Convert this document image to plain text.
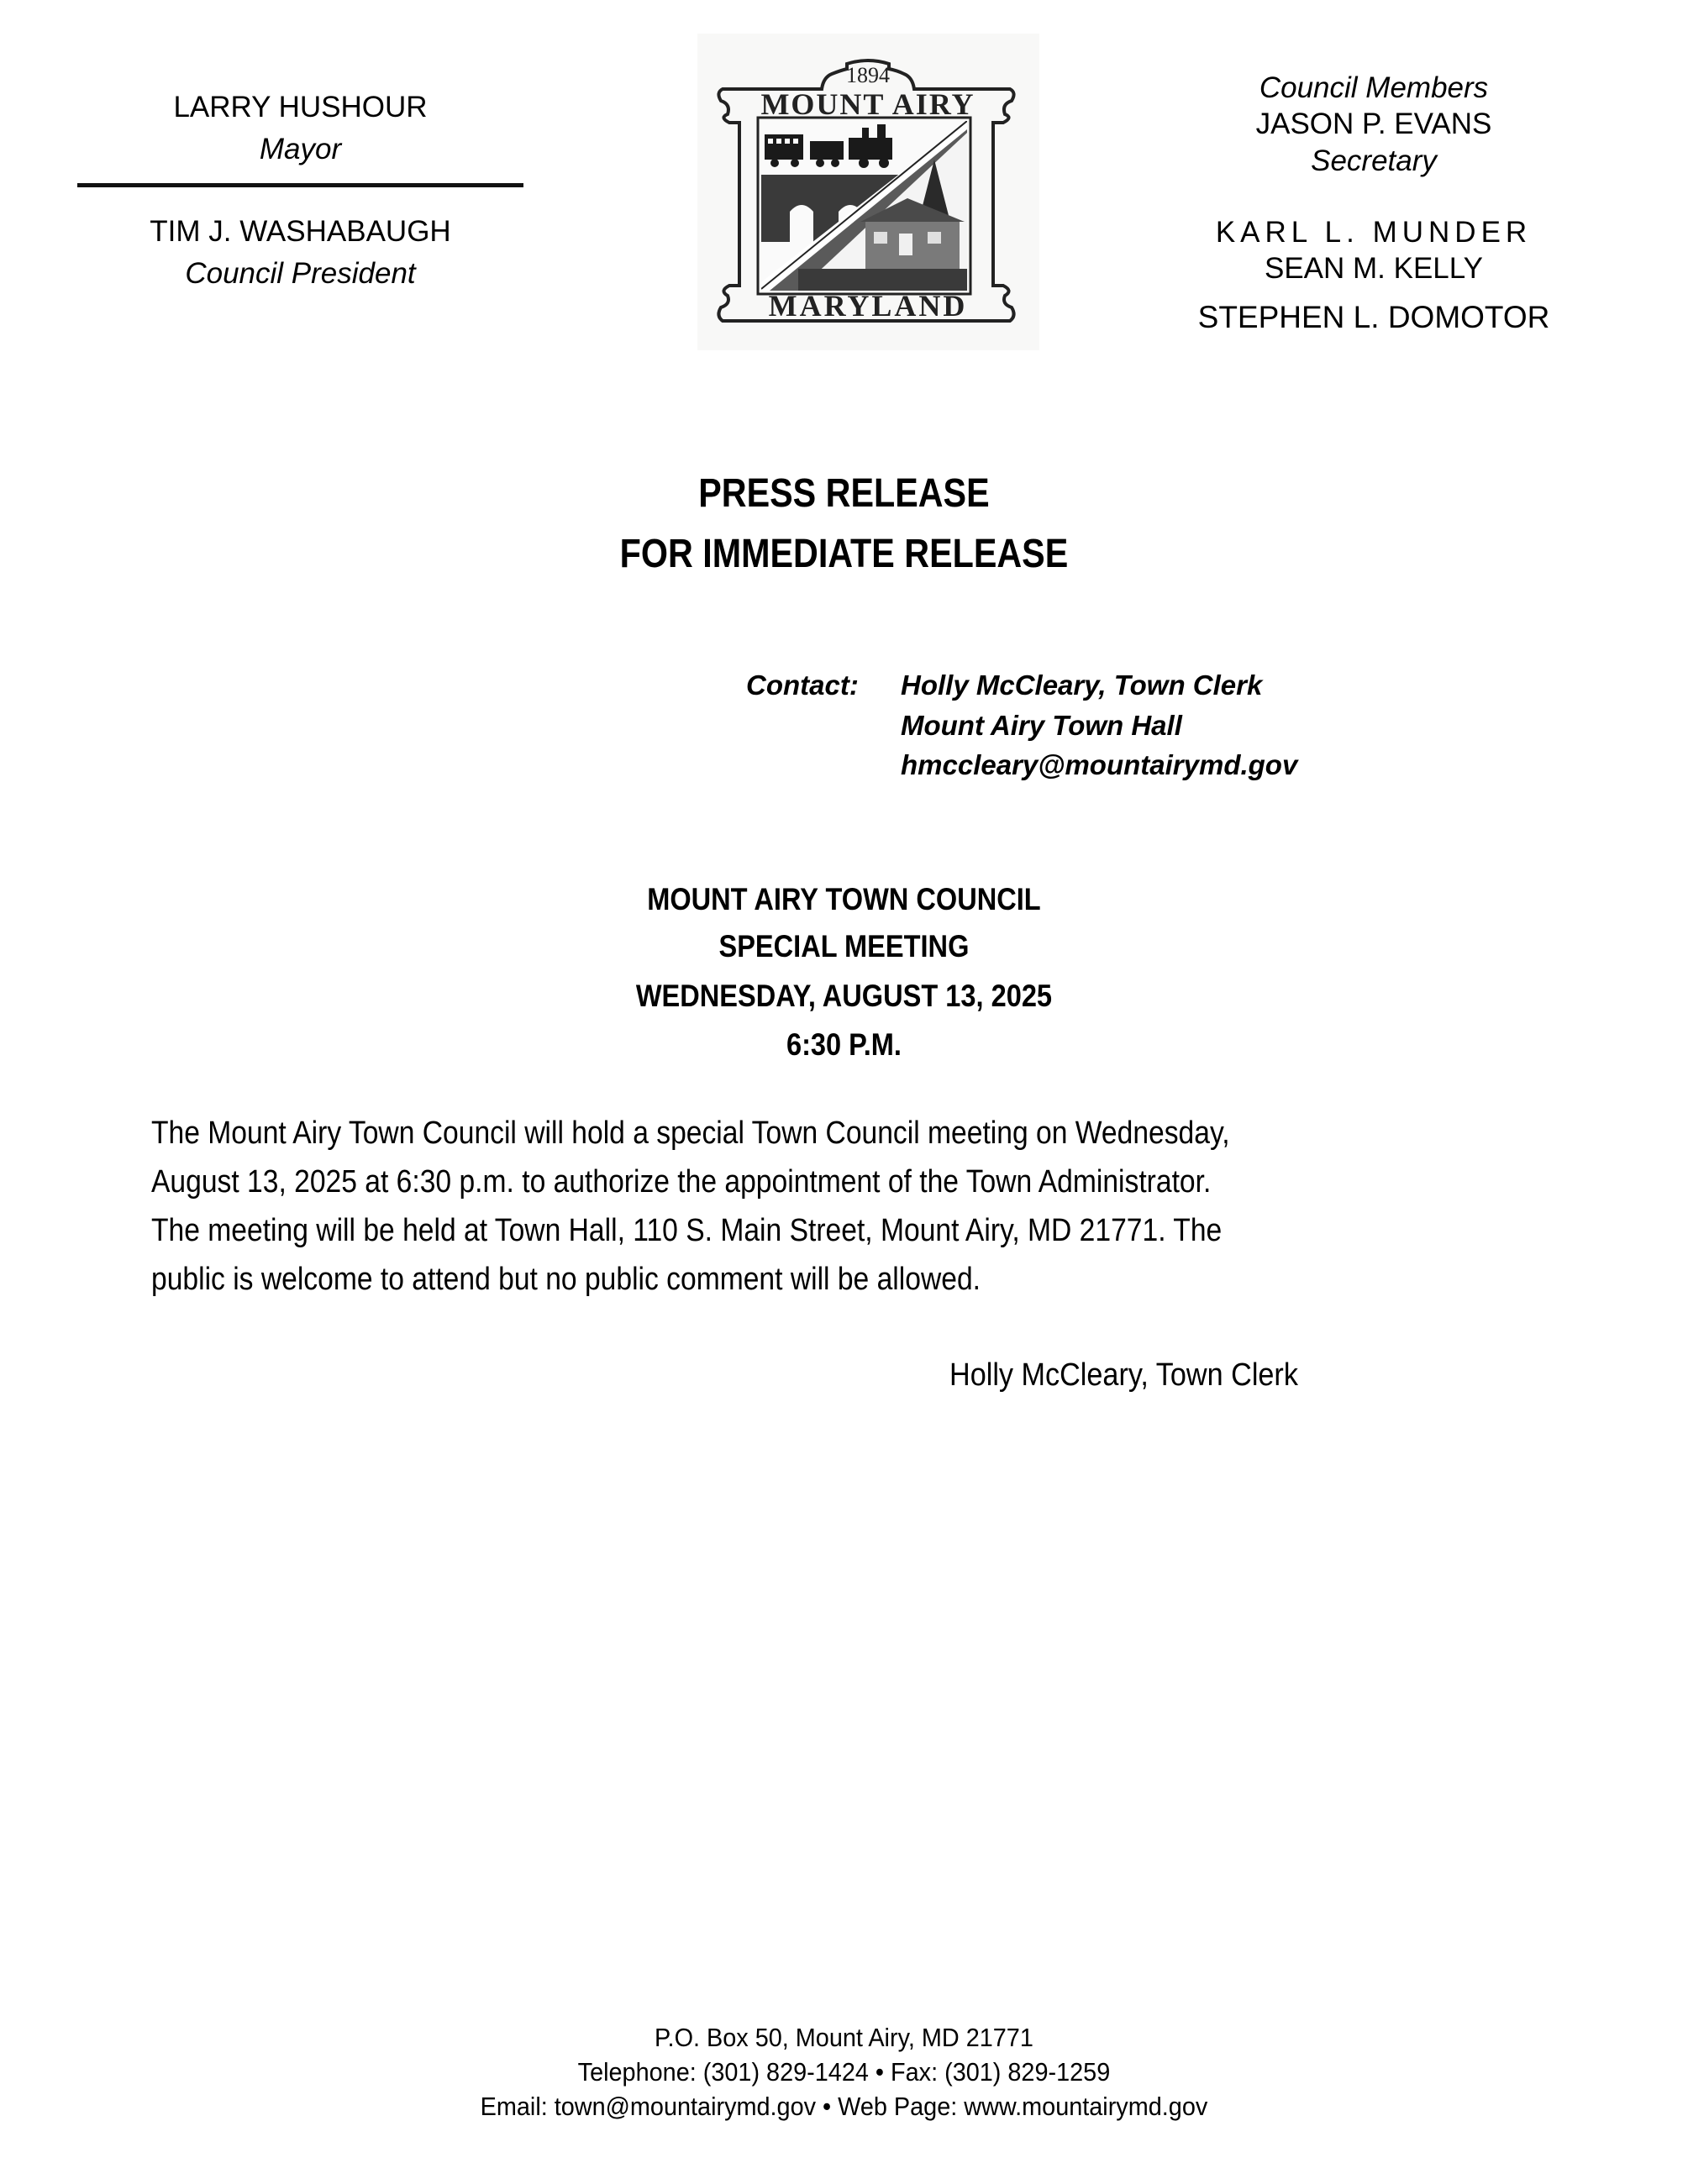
LARRY HUSHOUR
Mayor
TIM J. WASHABAUGH
Council President
1894
MOUNT AIRY
MARYLAND
Council Members
JASON P. EVANS
Secretary
KARL L. MUNDER
SEAN M. KELLY
STEPHEN L. DOMOTOR
PRESS RELEASE
FOR IMMEDIATE RELEASE
Contact: Holly McCleary, Town Clerk
Mount Airy Town Hall
hmccleary@mountairymd.gov
MOUNT AIRY TOWN COUNCIL
SPECIAL MEETING
WEDNESDAY, AUGUST 13, 2025
6:30 P.M.
The Mount Airy Town Council will hold a special Town Council meeting on Wednesday,
August 13, 2025 at 6:30 p.m. to authorize the appointment of the Town Administrator.
The meeting will be held at Town Hall, 110 S. Main Street, Mount Airy, MD 21771. The
public is welcome to attend but no public comment will be allowed.
Holly McCleary, Town Clerk
P.O. Box 50, Mount Airy, MD 21771
Telephone: (301) 829-1424 • Fax: (301) 829-1259
Email: town@mountairymd.gov • Web Page: www.mountairymd.gov
